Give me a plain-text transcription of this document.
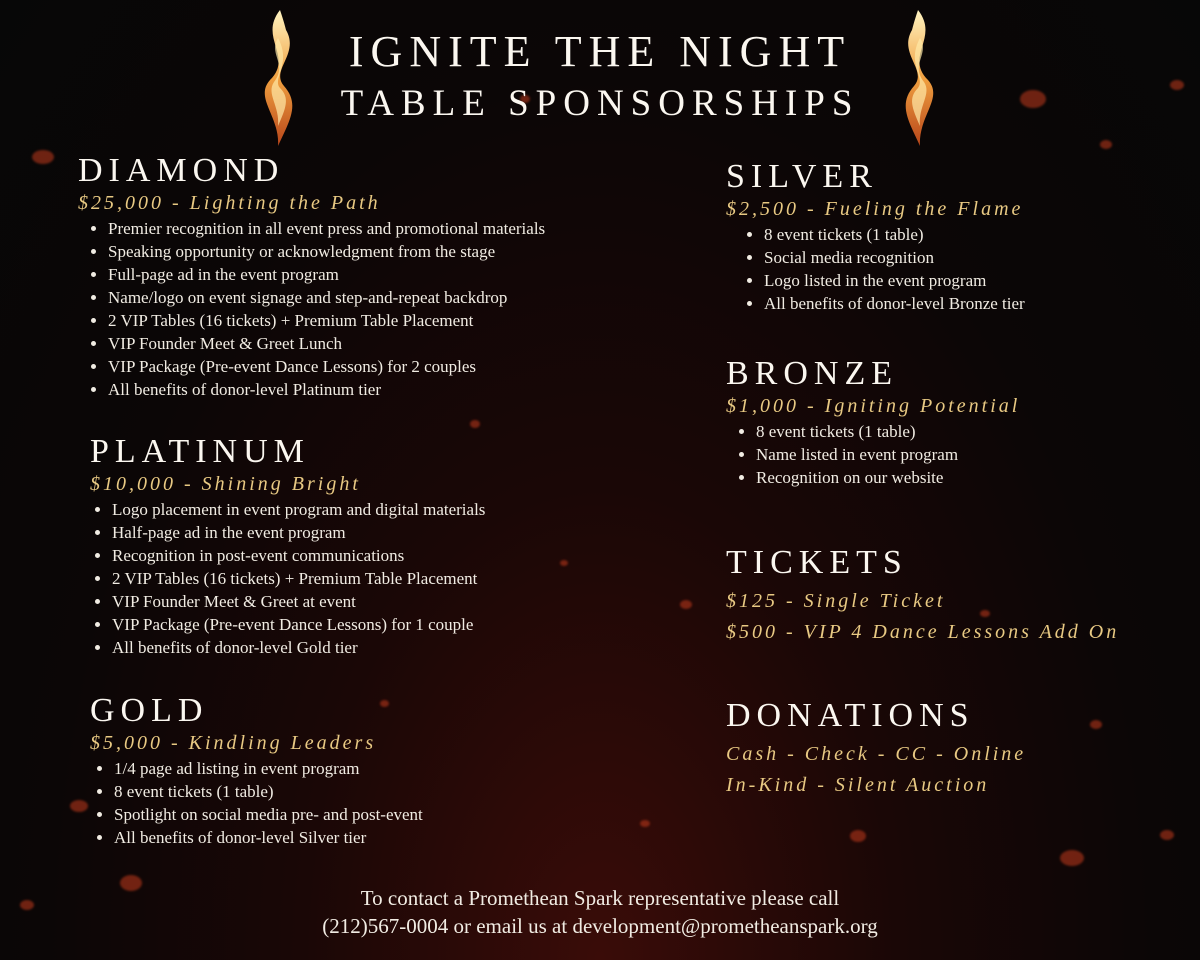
IGNITE THE NIGHT
TABLE SPONSORSHIPS
DIAMOND
$25,000 - Lighting the Path
• Premier recognition in all event press and promotional materials
• Speaking opportunity or acknowledgment from the stage
• Full-page ad in the event program
• Name/logo on event signage and step-and-repeat backdrop
• 2 VIP Tables (16 tickets) + Premium Table Placement
• VIP Founder Meet & Greet Lunch
• VIP Package (Pre-event Dance Lessons) for 2 couples
• All benefits of donor-level Platinum tier
PLATINUM
$10,000 - Shining Bright
• Logo placement in event program and digital materials
• Half-page ad in the event program
• Recognition in post-event communications
• 2 VIP Tables (16 tickets) + Premium Table Placement
• VIP Founder Meet & Greet at event
• VIP Package (Pre-event Dance Lessons) for 1 couple
• All benefits of donor-level Gold tier
GOLD
$5,000 - Kindling Leaders
• 1/4 page ad listing in event program
• 8 event tickets (1 table)
• Spotlight on social media pre- and post-event
• All benefits of donor-level Silver tier
SILVER
$2,500 - Fueling the Flame
• 8 event tickets (1 table)
• Social media recognition
• Logo listed in the event program
• All benefits of donor-level Bronze tier
BRONZE
$1,000 - Igniting Potential
• 8 event tickets (1 table)
• Name listed in event program
• Recognition on our website
TICKETS
$125 - Single Ticket
$500 - VIP 4 Dance Lessons Add On
DONATIONS
Cash - Check - CC - Online
In-Kind - Silent Auction
To contact a Promethean Spark representative please call
(212)567-0004 or email us at development@prometheanspark.org
